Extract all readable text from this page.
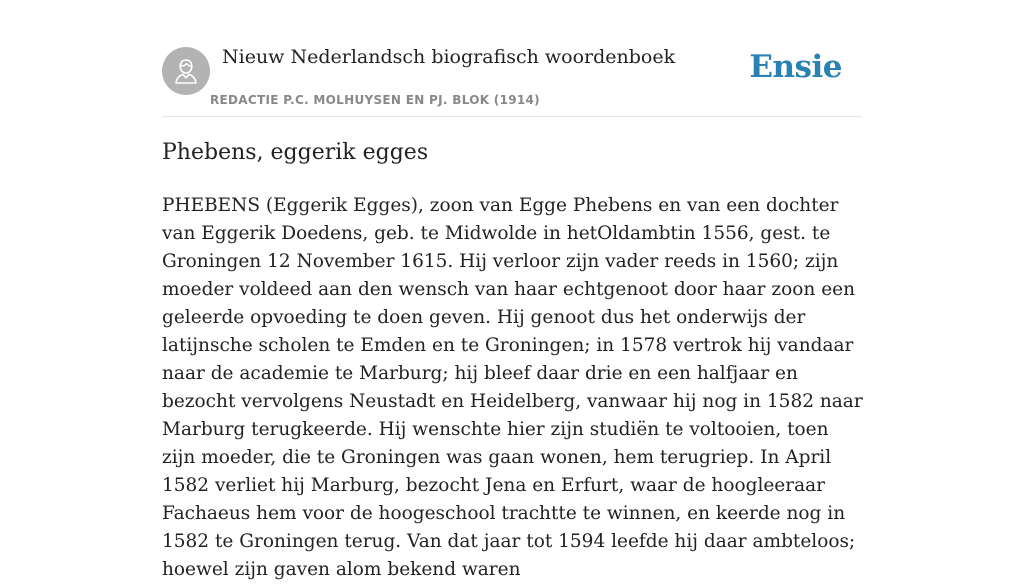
Nieuw Nederlandsch biografisch woordenboek
REDACTIE P.C. MOLHUYSEN EN PJ. BLOK (1914)
Ensie
Phebens, eggerik egges

PHEBENS (Eggerik Egges), zoon van Egge Phebens en van een dochter van Eggerik Doedens, geb. te Midwolde in hetOldambtin 1556, gest. te Groningen 12 November 1615. Hij verloor zijn vader reeds in 1560; zijn moeder voldeed aan den wensch van haar echtgenoot door haar zoon een geleerde opvoeding te doen geven. Hij genoot dus het onderwijs der latijnsche scholen te Emden en te Groningen; in 1578 vertrok hij vandaar naar de academie te Marburg; hij bleef daar drie en een halfjaar en bezocht vervolgens Neustadt en Heidelberg, vanwaar hij nog in 1582 naar Marburg terugkeerde. Hij wenschte hier zijn studiën te voltooien, toen zijn moeder, die te Groningen was gaan wonen, hem terugriep. In April 1582 verliet hij Marburg, bezocht Jena en Erfurt, waar de hoogleeraar Fachaeus hem voor de hoogeschool trachtte te winnen, en keerde nog in 1582 te Groningen terug. Van dat jaar tot 1594 leefde hij daar ambteloos; hoewel zijn gaven alom bekend waren
